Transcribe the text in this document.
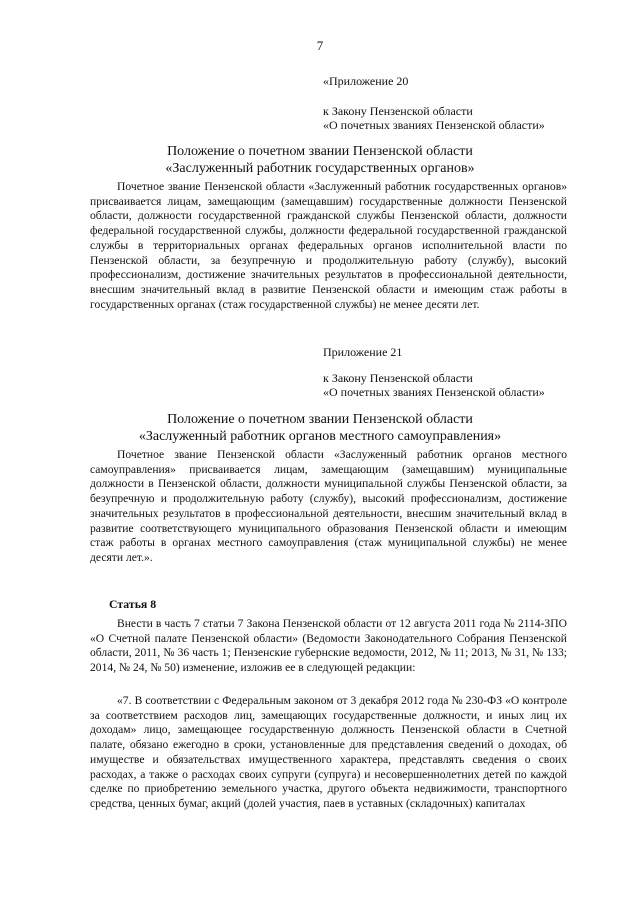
7
«Приложение 20
к Закону Пензенской области
«О почетных званиях Пензенской области»
Положение о почетном звании Пензенской области
«Заслуженный работник государственных органов»
Почетное звание Пензенской области «Заслуженный работник государственных органов» присваивается лицам, замещающим (замещавшим) государственные должности Пензенской области, должности государственной гражданской службы Пензенской области, должности федеральной государственной службы, должности федеральной государственной гражданской службы в территориальных органах федеральных органов исполнительной власти по Пензенской области, за безупречную и продолжительную работу (службу), высокий профессионализм, достижение значительных результатов в профессиональной деятельности, внесшим значительный вклад в развитие Пензенской области и имеющим стаж работы в государственных органах (стаж государственной службы) не менее десяти лет.
Приложение 21
к Закону Пензенской области
«О почетных званиях Пензенской области»
Положение о почетном звании Пензенской области
«Заслуженный работник органов местного самоуправления»
Почетное звание Пензенской области «Заслуженный работник органов местного самоуправления» присваивается лицам, замещающим (замещавшим) муниципальные должности в Пензенской области, должности муниципальной службы Пензенской области, за безупречную и продолжительную работу (службу), высокий профессионализм, достижение значительных результатов в профессиональной деятельности, внесшим значительный вклад в развитие соответствующего муниципального образования Пензенской области и имеющим стаж работы в органах местного самоуправления (стаж муниципальной службы) не менее десяти лет.».
Статья 8
Внести в часть 7 статьи 7 Закона Пензенской области от 12 августа 2011 года № 2114-ЗПО «О Счетной палате Пензенской области» (Ведомости Законодательного Собрания Пензенской области, 2011, № 36 часть 1; Пензенские губернские ведомости, 2012, № 11; 2013, № 31, № 133; 2014, № 24, № 50) изменение, изложив ее в следующей редакции:
«7. В соответствии с Федеральным законом от 3 декабря 2012 года № 230-ФЗ «О контроле за соответствием расходов лиц, замещающих государственные должности, и иных лиц их доходам» лицо, замещающее государственную должность Пензенской области в Счетной палате, обязано ежегодно в сроки, установленные для представления сведений о доходах, об имуществе и обязательствах имущественного характера, представлять сведения о своих расходах, а также о расходах своих супруги (супруга) и несовершеннолетних детей по каждой сделке по приобретению земельного участка, другого объекта недвижимости, транспортного средства, ценных бумаг, акций (долей участия, паев в уставных (складочных) капиталах
